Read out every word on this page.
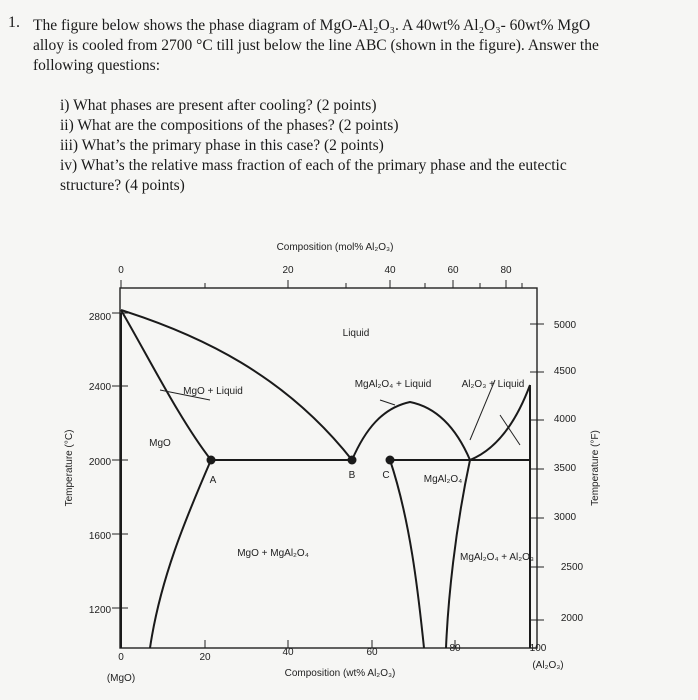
1. The figure below shows the phase diagram of MgO-Al₂O₃. A 40wt% Al₂O₃- 60wt% MgO
alloy is cooled from 2700 °C till just below the line ABC (shown in the figure). Answer the
following questions:
i) What phases are present after cooling? (2 points)
ii) What are the compositions of the phases? (2 points)
iii) What’s the primary phase in this case? (2 points)
iv) What’s the relative mass fraction of each of the primary phase and the eutectic
structure? (4 points)
Composition (mol% Al₂O₃)
0	20	40	60	80
2800
2400
2000
1600
1200
Temperature (°C)
5000
4500
4000
3500
3000
2500
2000
Temperature (°F)
0	20	40	60	80	100
(MgO)
(Al₂O₃)
Composition (wt% Al₂O₃)
A	B	C
Liquid
MgO + Liquid
MgO
MgAl₂O₄ + Liquid	Al₂O₃ + Liquid
MgAl₂O₄
MgO + MgAl₂O₄	MgAl₂O₄ + Al₂O₃
